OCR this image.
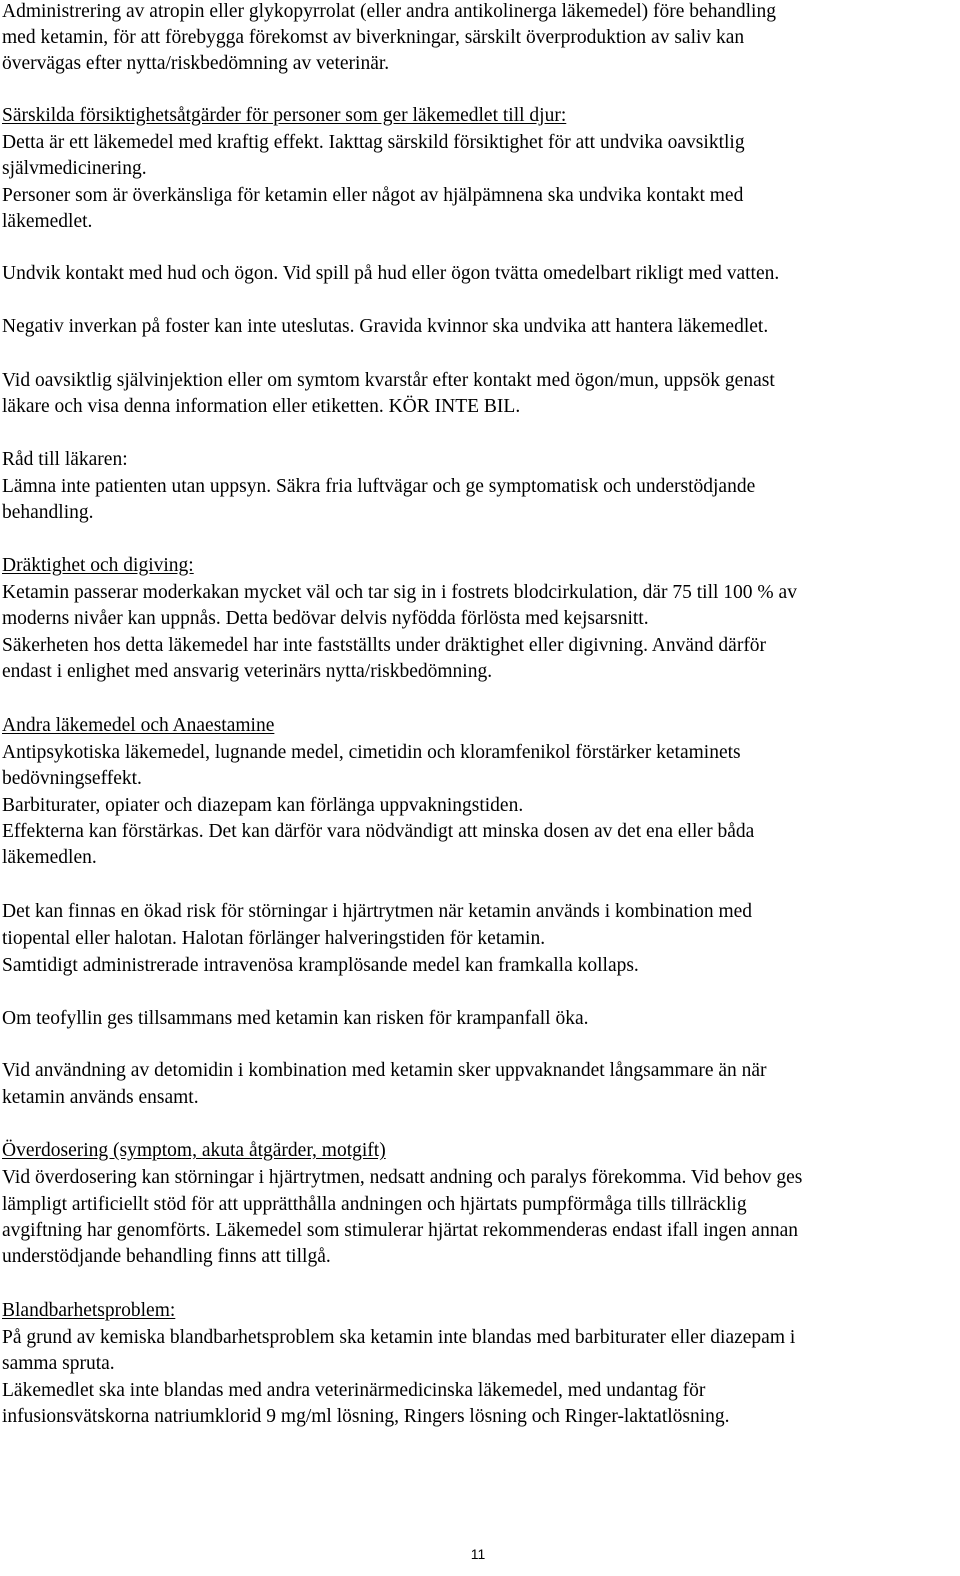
Administrering av atropin eller glykopyrrolat (eller andra antikolinerga läkemedel) före behandling
med ketamin, för att förebygga förekomst av biverkningar, särskilt överproduktion av saliv kan
övervägas efter nytta/riskbedömning av veterinär.
Särskilda försiktighetsåtgärder för personer som ger läkemedlet till djur:
Detta är ett läkemedel med kraftig effekt. Iakttag särskild försiktighet för att undvika oavsiktlig
självmedicinering.
Personer som är överkänsliga för ketamin eller något av hjälpämnena ska undvika kontakt med
läkemedlet.
Undvik kontakt med hud och ögon. Vid spill på hud eller ögon tvätta omedelbart rikligt med vatten.
Negativ inverkan på foster kan inte uteslutas. Gravida kvinnor ska undvika att hantera läkemedlet.
Vid oavsiktlig självinjektion eller om symtom kvarstår efter kontakt med ögon/mun, uppsök genast
läkare och visa denna information eller etiketten. KÖR INTE BIL.
Råd till läkaren:
Lämna inte patienten utan uppsyn. Säkra fria luftvägar och ge symptomatisk och understödjande
behandling.
Dräktighet och digiving:
Ketamin passerar moderkakan mycket väl och tar sig in i fostrets blodcirkulation, där 75 till 100 % av
moderns nivåer kan uppnås. Detta bedövar delvis nyfödda förlösta med kejsarsnitt.
Säkerheten hos detta läkemedel har inte fastställts under dräktighet eller digivning. Använd därför
endast i enlighet med ansvarig veterinärs nytta/riskbedömning.
Andra läkemedel och Anaestamine
Antipsykotiska läkemedel, lugnande medel, cimetidin och kloramfenikol förstärker ketaminets
bedövningseffekt.
Barbiturater, opiater och diazepam kan förlänga uppvakningstiden.
Effekterna kan förstärkas. Det kan därför vara nödvändigt att minska dosen av det ena eller båda
läkemedlen.
Det kan finnas en ökad risk för störningar i hjärtrytmen när ketamin används i kombination med
tiopental eller halotan. Halotan förlänger halveringstiden för ketamin.
Samtidigt administrerade intravenösa kramplösande medel kan framkalla kollaps.
Om teofyllin ges tillsammans med ketamin kan risken för krampanfall öka.
Vid användning av detomidin i kombination med ketamin sker uppvaknandet långsammare än när
ketamin används ensamt.
Överdosering (symptom, akuta åtgärder, motgift)
Vid överdosering kan störningar i hjärtrytmen, nedsatt andning och paralys förekomma. Vid behov ges
lämpligt artificiellt stöd för att upprätthålla andningen och hjärtats pumpförmåga tills tillräcklig
avgiftning har genomförts. Läkemedel som stimulerar hjärtat rekommenderas endast ifall ingen annan
understödjande behandling finns att tillgå.
Blandbarhetsproblem:
På grund av kemiska blandbarhetsproblem ska ketamin inte blandas med barbiturater eller diazepam i
samma spruta.
Läkemedlet ska inte blandas med andra veterinärmedicinska läkemedel, med undantag för
infusionsvätskorna natriumklorid 9 mg/ml lösning, Ringers lösning och Ringer-laktatlösning.
11
